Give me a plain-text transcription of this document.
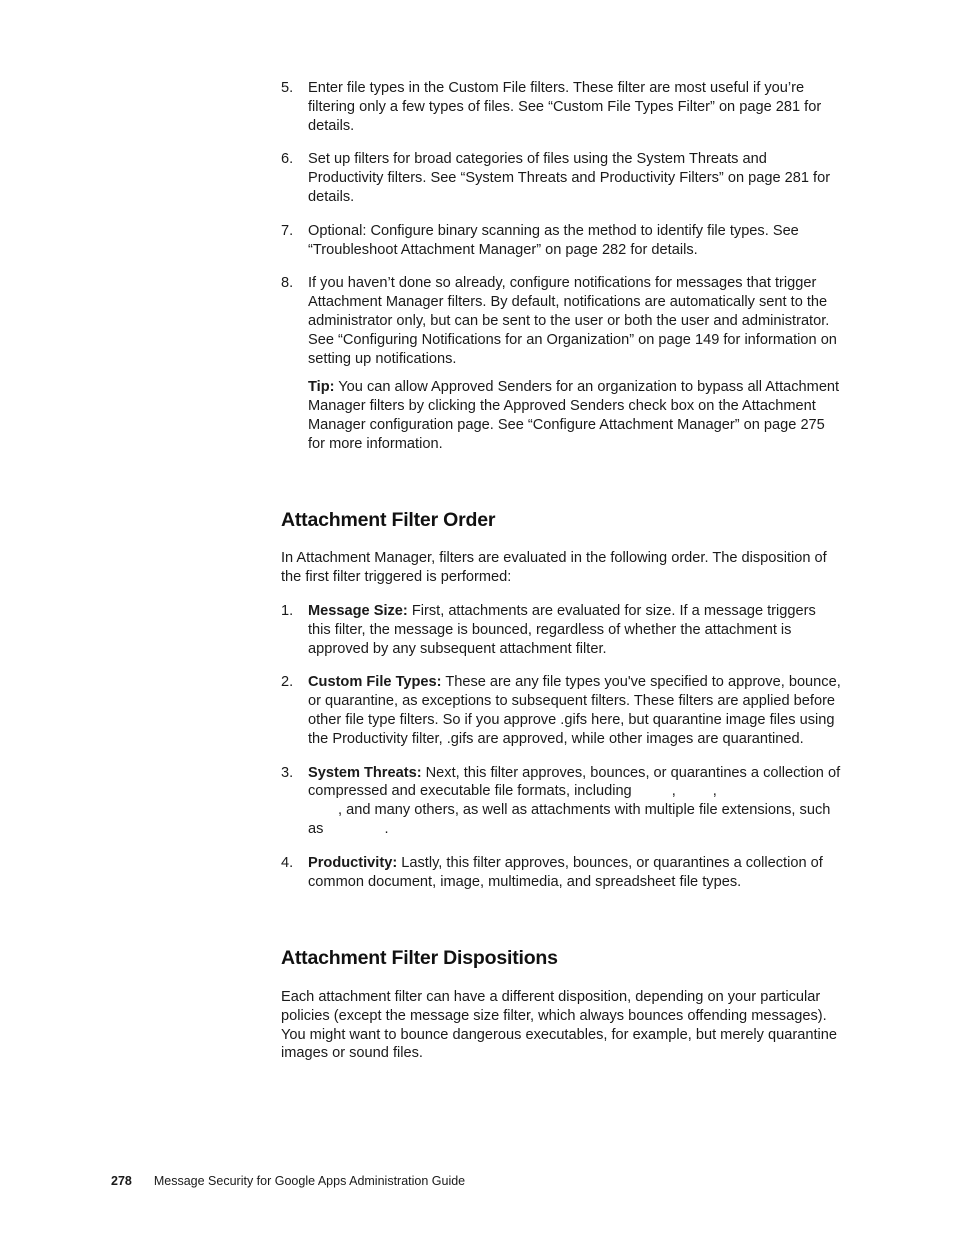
5.	Enter file types in the Custom File filters. These filter are most useful if you’re filtering only a few types of files. See “Custom File Types Filter” on page 281 for details.
6.	Set up filters for broad categories of files using the System Threats and Productivity filters. See “System Threats and Productivity Filters” on page 281 for details.
7.	Optional: Configure binary scanning as the method to identify file types. See “Troubleshoot Attachment Manager” on page 282 for details.
8.	If you haven’t done so already, configure notifications for messages that trigger Attachment Manager filters. By default, notifications are automatically sent to the administrator only, but can be sent to the user or both the user and administrator. See “Configuring Notifications for an Organization” on page 149 for information on setting up notifications.
Tip: You can allow Approved Senders for an organization to bypass all Attachment Manager filters by clicking the Approved Senders check box on the Attachment Manager configuration page. See “Configure Attachment Manager” on page 275 for more information.
Attachment Filter Order

In Attachment Manager, filters are evaluated in the following order. The disposition of the first filter triggered is performed:

1.	Message Size: First, attachments are evaluated for size. If a message triggers this filter, the message is bounced, regardless of whether the attachment is approved by any subsequent attachment filter.
2.	Custom File Types: These are any file types you've specified to approve, bounce, or quarantine, as exceptions to subsequent filters. These filters are applied before other file type filters. So if you approve .gifs here, but quarantine image files using the Productivity filter, .gifs are approved, while other images are quarantined.
3.	System Threats: Next, this filter approves, bounces, or quarantines a collection of compressed and executable file formats, including ,	,
, and many others, as well as attachments with multiple file extensions, such as	.
4.	Productivity: Lastly, this filter approves, bounces, or quarantines a collection of common document, image, multimedia, and spreadsheet file types.
Attachment Filter Dispositions

Each attachment filter can have a different disposition, depending on your particular policies (except the message size filter, which always bounces offending messages). You might want to bounce dangerous executables, for example, but merely quarantine images or sound files.

278 Message Security for Google Apps Administration Guide
